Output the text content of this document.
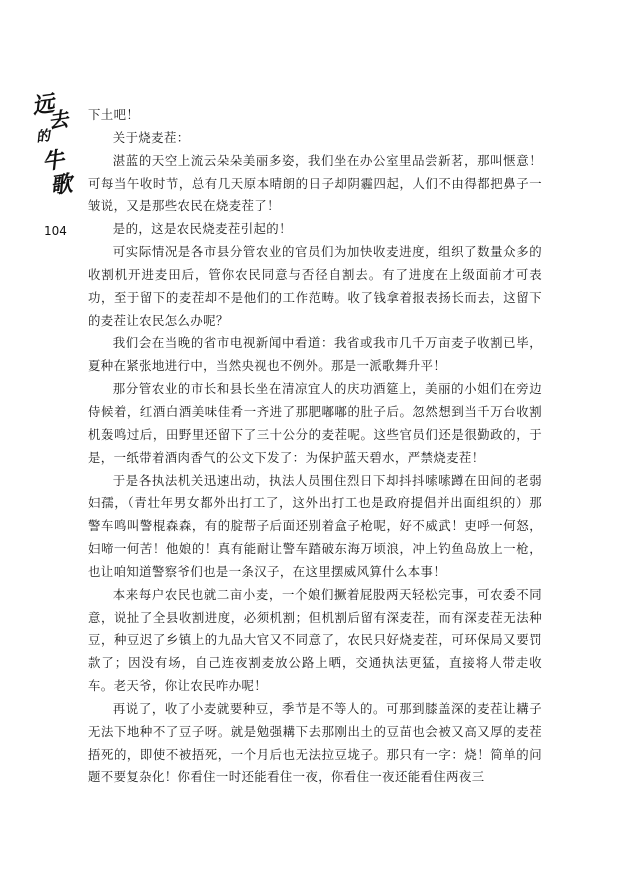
远
去
的
牛
歌
104

下土吧！

关于烧麦茬：

湛蓝的天空上流云朵朵美丽多姿，我们坐在办公室里品尝新茗，那叫惬意！可每当午收时节，总有几天原本晴朗的日子却阴霾四起，人们不由得都把鼻子一皱说，又是那些农民在烧麦茬了！

是的，这是农民烧麦茬引起的！

可实际情况是各市县分管农业的官员们为加快收麦进度，组织了数量众多的收割机开进麦田后，管你农民同意与否径自割去。有了进度在上级面前才可表功，至于留下的麦茬却不是他们的工作范畴。收了钱拿着报表扬长而去，这留下的麦茬让农民怎么办呢？

我们会在当晚的省市电视新闻中看道：我省或我市几千万亩麦子收割已毕，夏种在紧张地进行中，当然央视也不例外。那是一派歌舞升平！

那分管农业的市长和县长坐在清凉宜人的庆功酒筵上，美丽的小姐们在旁边侍候着，红酒白酒美味佳肴一齐进了那肥嘟嘟的肚子后。忽然想到当千万台收割机轰鸣过后，田野里还留下了三十公分的麦茬呢。这些官员们还是很勤政的，于是，一纸带着酒肉香气的公文下发了：为保护蓝天碧水，严禁烧麦茬！

于是各执法机关迅速出动，执法人员围住烈日下却抖抖嗦嗦蹲在田间的老弱妇孺，（青壮年男女都外出打工了，这外出打工也是政府提倡并出面组织的）那警车鸣叫警棍森森，有的腚帮子后面还别着盒子枪呢，好不威武！吏呼一何怒，妇啼一何苦！他娘的！真有能耐让警车踏破东海万顷浪，冲上钓鱼岛放上一枪，也让咱知道警察爷们也是一条汉子，在这里摆威风算什么本事！

本来每户农民也就二亩小麦，一个娘们撅着屁股两天轻松完事，可农委不同意，说扯了全县收割进度，必须机割；但机割后留有深麦茬，而有深麦茬无法种豆，种豆迟了乡镇上的九品大官又不同意了，农民只好烧麦茬，可环保局又要罚款了；因没有场，自己连夜割麦放公路上晒，交通执法更猛，直接将人带走收车。老天爷，你让农民咋办呢！

再说了，收了小麦就要种豆，季节是不等人的。可那到膝盖深的麦茬让耩子无法下地种不了豆子呀。就是勉强耩下去那刚出土的豆苗也会被又高又厚的麦茬捂死的，即使不被捂死，一个月后也无法拉豆垅子。那只有一字：烧！简单的问题不要复杂化！你看住一时还能看住一夜，你看住一夜还能看住两夜三
